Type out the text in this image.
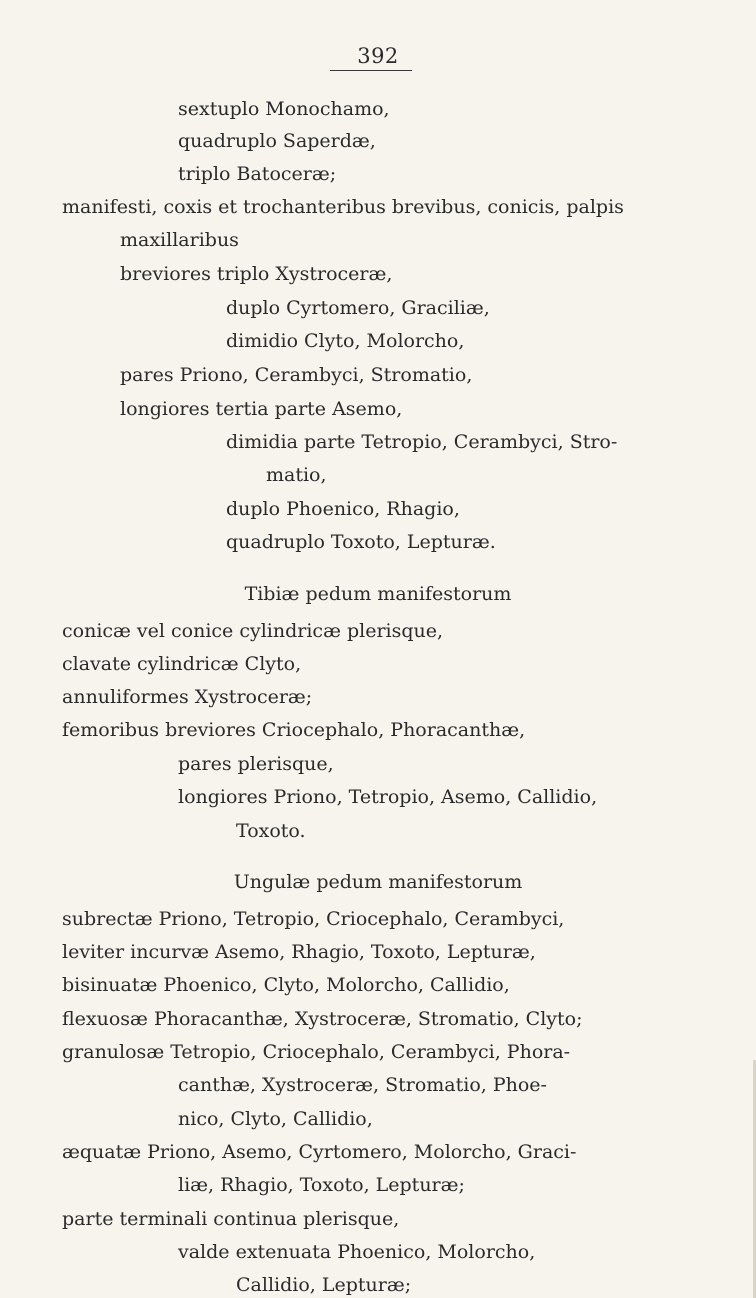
392
sextuplo Monochamo,
quadruplo Saperdæ,
triplo Batoceræ;
manifesti, coxis et trochanteribus brevibus, conicis, palpis
maxillaribus
breviores triplo Xystroceræ,
duplo Cyrtomero, Graciliæ,
dimidio Clyto, Molorcho,
pares Priono, Cerambyci, Stromatio,
longiores tertia parte Asemo,
dimidia parte Tetropio, Cerambyci, Stro-
matio,
duplo Phoenico, Rhagio,
quadruplo Toxoto, Lepturæ.
Tibiæ pedum manifestorum
conicæ vel conice cylindricæ plerisque,
clavate cylindricæ Clyto,
annuliformes Xystroceræ;
femoribus breviores Criocephalo, Phoracanthæ,
pares plerisque,
longiores Priono, Tetropio, Asemo, Callidio,
Toxoto.
Ungulæ pedum manifestorum
subrectæ Priono, Tetropio, Criocephalo, Cerambyci,
leviter incurvæ Asemo, Rhagio, Toxoto, Lepturæ,
bisinuatæ Phoenico, Clyto, Molorcho, Callidio,
flexuosæ Phoracanthæ, Xystroceræ, Stromatio, Clyto;
granulosæ Tetropio, Criocephalo, Cerambyci, Phora-
canthæ, Xystroceræ, Stromatio, Phoe-
nico, Clyto, Callidio,
æquatæ Priono, Asemo, Cyrtomero, Molorcho, Graci-
liæ, Rhagio, Toxoto, Lepturæ;
parte terminali continua plerisque,
valde extenuata Phoenico, Molorcho,
Callidio, Lepturæ;
